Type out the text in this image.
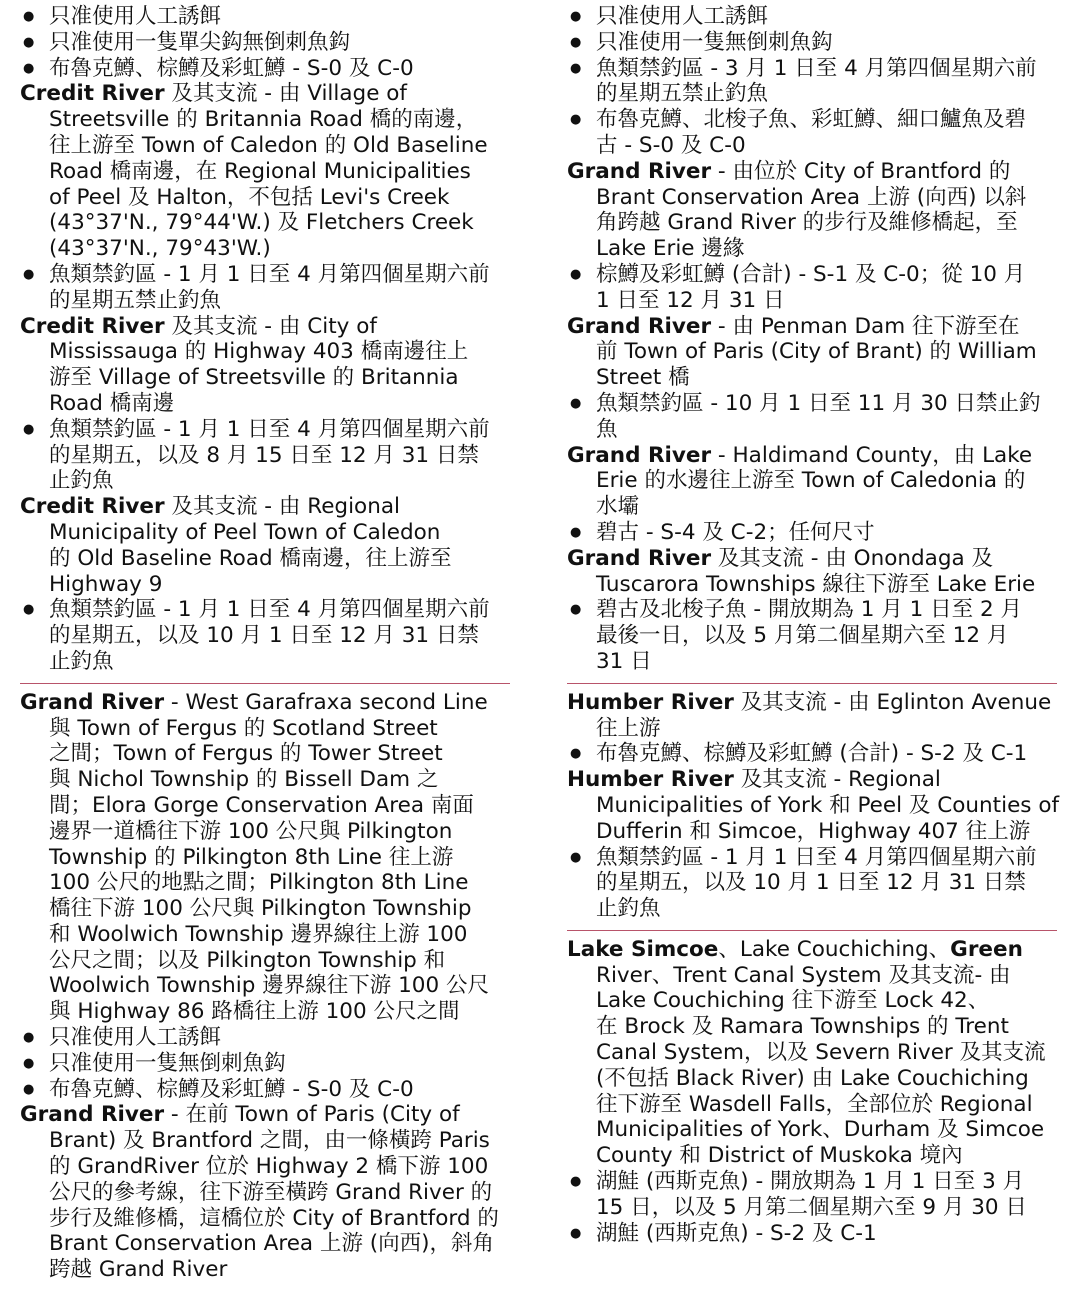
● 只准使用人工誘餌
● 只准使用一隻單尖鈎無倒刺魚鈎
● 布魯克鱒、棕鱒及彩虹鱒 - S-0 及 C-0
Credit River 及其支流 - 由 Village of
Streetsville 的 Britannia Road 橋的南邊，
往上游至 Town of Caledon 的 Old Baseline
Road 橋南邊，在 Regional Municipalities
of Peel 及 Halton，不包括 Levi's Creek
(43°37'N., 79°44'W.) 及 Fletchers Creek
(43°37'N., 79°43'W.)
● 魚類禁釣區 - 1 月 1 日至 4 月第四個星期六前
的星期五禁止釣魚
Credit River 及其支流 - 由 City of
Mississauga 的 Highway 403 橋南邊往上
游至 Village of Streetsville 的 Britannia
Road 橋南邊
● 魚類禁釣區 - 1 月 1 日至 4 月第四個星期六前
的星期五，以及 8 月 15 日至 12 月 31 日禁
止釣魚
Credit River 及其支流 - 由 Regional
Municipality of Peel Town of Caledon
的 Old Baseline Road 橋南邊，往上游至
Highway 9
● 魚類禁釣區 - 1 月 1 日至 4 月第四個星期六前
的星期五，以及 10 月 1 日至 12 月 31 日禁
止釣魚
Grand River - West Garafraxa second Line
與 Town of Fergus 的 Scotland Street
之間；Town of Fergus 的 Tower Street
與 Nichol Township 的 Bissell Dam 之
間；Elora Gorge Conservation Area 南面
邊界一道橋往下游 100 公尺與 Pilkington
Township 的 Pilkington 8th Line 往上游
100 公尺的地點之間；Pilkington 8th Line
橋往下游 100 公尺與 Pilkington Township
和 Woolwich Township 邊界線往上游 100
公尺之間；以及 Pilkington Township 和
Woolwich Township 邊界線往下游 100 公尺
與 Highway 86 路橋往上游 100 公尺之間
● 只准使用人工誘餌
● 只准使用一隻無倒刺魚鈎
● 布魯克鱒、棕鱒及彩虹鱒 - S-0 及 C-0
Grand River - 在前 Town of Paris (City of
Brant) 及 Brantford 之間，由一條橫跨 Paris
的 GrandRiver 位於 Highway 2 橋下游 100
公尺的參考線，往下游至橫跨 Grand River 的
步行及維修橋，這橋位於 City of Brantford 的
Brant Conservation Area 上游 (向西)，斜角
跨越 Grand River
● 只准使用人工誘餌
● 只准使用一隻無倒刺魚鈎
● 魚類禁釣區 - 3 月 1 日至 4 月第四個星期六前
的星期五禁止釣魚
● 布魯克鱒、北梭子魚、彩虹鱒、細口鱸魚及碧
古 - S-0 及 C-0
Grand River - 由位於 City of Brantford 的
Brant Conservation Area 上游 (向西) 以斜
角跨越 Grand River 的步行及維修橋起，至
Lake Erie 邊緣
● 棕鱒及彩虹鱒 (合計) - S-1 及 C-0；從 10 月
1 日至 12 月 31 日
Grand River - 由 Penman Dam 往下游至在
前 Town of Paris (City of Brant) 的 William
Street 橋
● 魚類禁釣區 - 10 月 1 日至 11 月 30 日禁止釣
魚
Grand River - Haldimand County，由 Lake
Erie 的水邊往上游至 Town of Caledonia 的
水壩
● 碧古 - S-4 及 C-2；任何尺寸
Grand River 及其支流 - 由 Onondaga 及
Tuscarora Townships 線往下游至 Lake Erie
● 碧古及北梭子魚 - 開放期為 1 月 1 日至 2 月
最後一日，以及 5 月第二個星期六至 12 月
31 日
Humber River 及其支流 - 由 Eglinton Avenue
往上游
● 布魯克鱒、棕鱒及彩虹鱒 (合計) - S-2 及 C-1
Humber River 及其支流 - Regional
Municipalities of York 和 Peel 及 Counties of
Dufferin 和 Simcoe，Highway 407 往上游
● 魚類禁釣區 - 1 月 1 日至 4 月第四個星期六前
的星期五，以及 10 月 1 日至 12 月 31 日禁
止釣魚
Lake Simcoe、Lake Couchiching、Green
River、Trent Canal System 及其支流- 由
Lake Couchiching 往下游至 Lock 42、
在 Brock 及 Ramara Townships 的 Trent
Canal System，以及 Severn River 及其支流
(不包括 Black River) 由 Lake Couchiching
往下游至 Wasdell Falls，全部位於 Regional
Municipalities of York、Durham 及 Simcoe
County 和 District of Muskoka 境內
● 湖鮭 (西斯克魚) - 開放期為 1 月 1 日至 3 月
15 日，以及 5 月第二個星期六至 9 月 30 日
● 湖鮭 (西斯克魚) - S-2 及 C-1
